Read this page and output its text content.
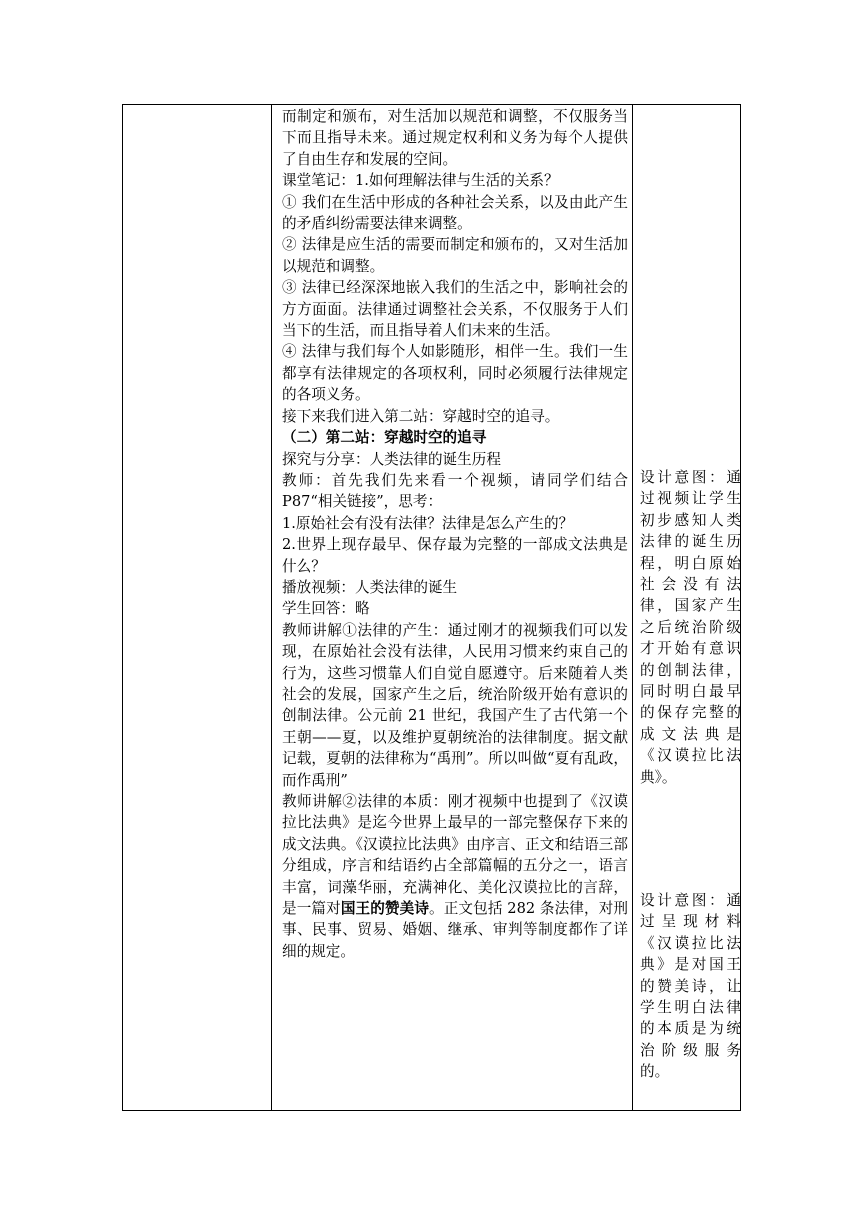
而制定和颁布，对生活加以规范和调整，不仅服务当下而且指导未来。通过规定权利和义务为每个人提供了自由生存和发展的空间。

课堂笔记：1.如何理解法律与生活的关系？

① 我们在生活中形成的各种社会关系，以及由此产生的矛盾纠纷需要法律来调整。

② 法律是应生活的需要而制定和颁布的，又对生活加以规范和调整。

③ 法律已经深深地嵌入我们的生活之中，影响社会的方方面面。法律通过调整社会关系，不仅服务于人们当下的生活，而且指导着人们未来的生活。

④ 法律与我们每个人如影随形，相伴一生。我们一生都享有法律规定的各项权利，同时必须履行法律规定的各项义务。

接下来我们进入第二站：穿越时空的追寻。

（二）第二站：穿越时空的追寻

探究与分享：人类法律的诞生历程

教师：首先我们先来看一个视频，请同学们结合 P87“相关链接”，思考：

1.原始社会有没有法律？法律是怎么产生的？

2.世界上现存最早、保存最为完整的一部成文法典是什么？

播放视频：人类法律的诞生

学生回答：略

教师讲解①法律的产生：通过刚才的视频我们可以发现，在原始社会没有法律，人民用习惯来约束自己的行为，这些习惯靠人们自觉自愿遵守。后来随着人类社会的发展，国家产生之后，统治阶级开始有意识的创制法律。公元前 21 世纪，我国产生了古代第一个王朝——夏，以及维护夏朝统治的法律制度。据文献记载，夏朝的法律称为“禹刑”。所以叫做“夏有乱政，而作禹刑”

教师讲解②法律的本质：刚才视频中也提到了《汉谟拉比法典》是迄今世界上最早的一部完整保存下来的成文法典。《汉谟拉比法典》由序言、正文和结语三部分组成，序言和结语约占全部篇幅的五分之一，语言丰富，词藻华丽，充满神化、美化汉谟拉比的言辞，是一篇对国王的赞美诗。正文包括 282 条法律，对刑事、民事、贸易、婚姻、继承、审判等制度都作了详细的规定。

设计意图：通过视频让学生初步感知人类法律的诞生历程，明白原始社会没有法律，国家产生之后统治阶级才开始有意识的创制法律，同时明白最早的保存完整的成文法典是《汉谟拉比法典》。

设计意图：通过呈现材料《汉谟拉比法典》是对国王的赞美诗，让学生明白法律的本质是为统治阶级服务的。
